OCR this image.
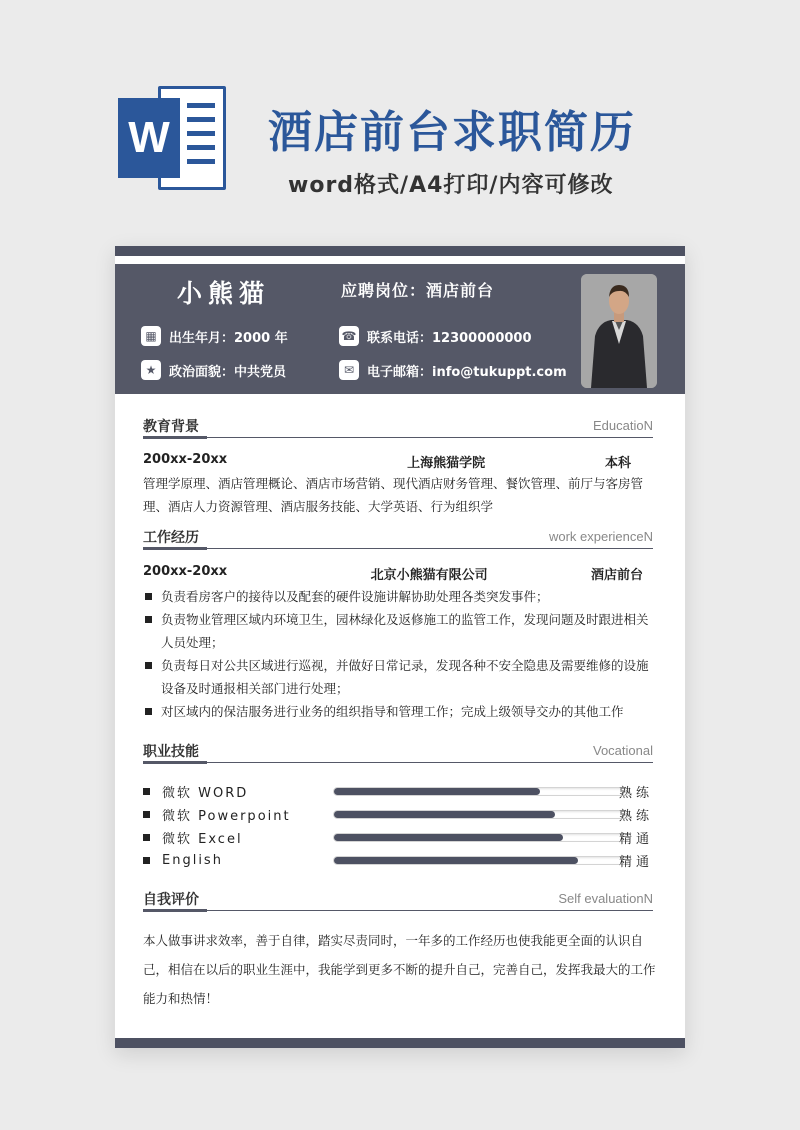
W 酒店前台求职简历
word格式/A4打印/内容可修改
小熊猫	应聘岗位：酒店前台
▦ 出生年月：2000 年	☎ 联系电话：12300000000
★ 政治面貌：中共党员	✉ 电子邮箱：info@tukuppt.com
教育背景	EducatioN
200xx-20xx	上海熊猫学院	本科
管理学原理、酒店管理概论、酒店市场营销、现代酒店财务管理、餐饮管理、前厅与客房管理、酒店人力资源管理、酒店服务技能、大学英语、行为组织学
工作经历	work experienceN
200xx-20xx	北京小熊猫有限公司	酒店前台
负责看房客户的接待以及配套的硬件设施讲解协助处理各类突发事件；
负责物业管理区域内环境卫生，园林绿化及返修施工的监管工作，发现问题及时跟进相关人员处理；
负责每日对公共区域进行巡视，并做好日常记录，发现各种不安全隐患及需要维修的设施设备及时通报相关部门进行处理；
对区域内的保洁服务进行业务的组织指导和管理工作；完成上级领导交办的其他工作
职业技能	Vocational
微软 WORD	熟练
微软 Powerpoint	熟练
微软 Excel	精通
English	精通
自我评价	Self evaluationN
本人做事讲求效率，善于自律，踏实尽责同时，一年多的工作经历也使我能更全面的认识自己，相信在以后的职业生涯中，我能学到更多不断的提升自己，完善自己，发挥我最大的工作能力和热情！
